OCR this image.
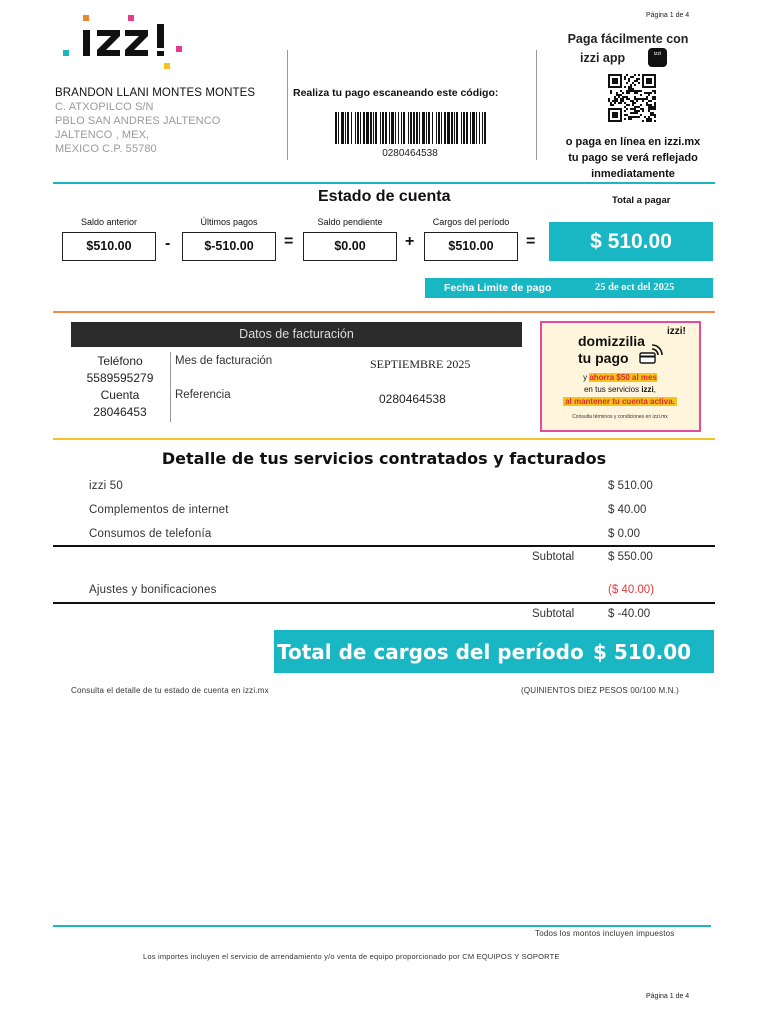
Página 1 de 4
BRANDON LLANI MONTES MONTES
C. ATXOPILCO S/N
PBLO SAN ANDRES JALTENCO
JALTENCO , MEX,
MEXICO C.P. 55780
Realiza tu pago escaneando este código:
0280464538
Paga fácilmente con
izzi app	izzi
o paga en línea en izzi.mx
tu pago se verá reflejado
inmediatamente
Estado de cuenta	Total a pagar
Saldo anterior
$510.00	-
Últimos pagos
$-510.00	=
Saldo pendiente
$0.00	+
Cargos del período
$510.00	=	$ 510.00
Fecha Limite de pago	25 de oct del 2025
Datos de facturación
Teléfono
5589595279
Cuenta
28046453
Mes de facturación	SEPTIEMBRE 2025
Referencia	0280464538
izzi!
domizzilia
tu pago
y ahorra $50 al mes
en tus servicios izzi,
al mantener tu cuenta activa.
Consulta términos y condiciones en izzi.mx
Detalle de tus servicios contratados y facturados
izzi 50	$ 510.00
Complementos de internet	$ 40.00
Consumos de telefonía	$ 0.00
Subtotal	$ 550.00
Ajustes y bonificaciones	($ 40.00)
Subtotal	$ -40.00
Total de cargos del período $ 510.00
Consulta el detalle de tu estado de cuenta en izzi.mx	(QUINIENTOS DIEZ PESOS 00/100 M.N.)
Todos los montos incluyen impuestos
Los importes incluyen el servicio de arrendamiento y/o venta de equipo proporcionado por CM EQUIPOS Y SOPORTE
Página 1 de 4
